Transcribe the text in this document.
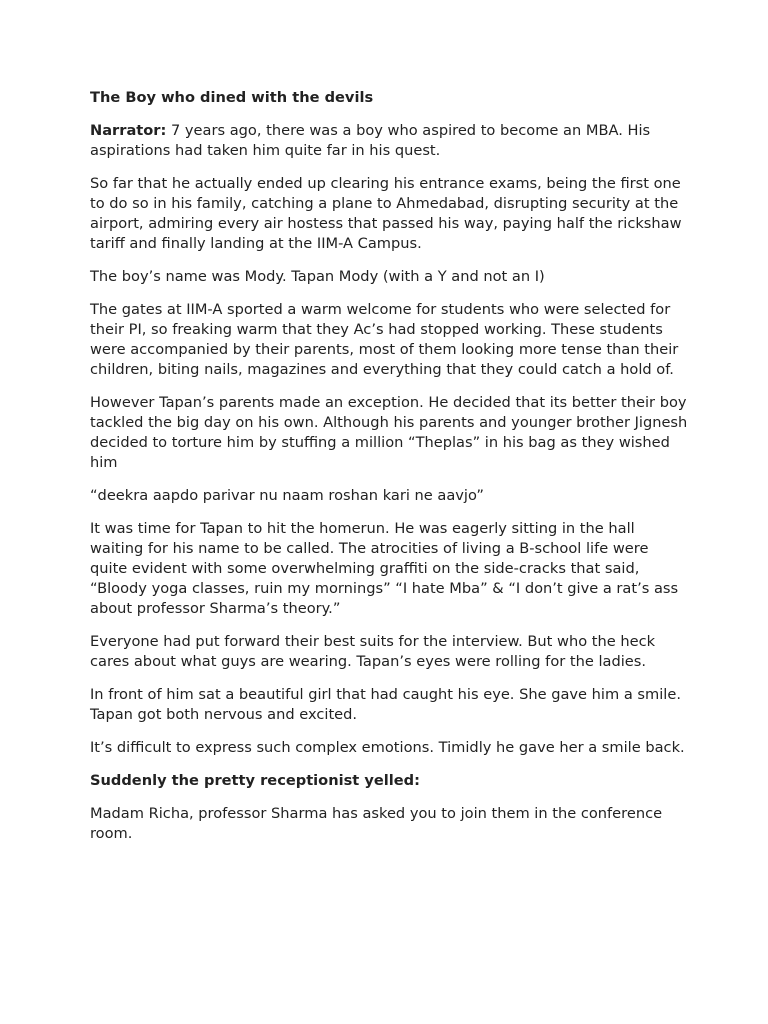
The Boy who dined with the devils

Narrator: 7 years ago, there was a boy who aspired to become an MBA. His aspirations had taken him quite far in his quest.

So far that he actually ended up clearing his entrance exams, being the first one to do so in his family, catching a plane to Ahmedabad, disrupting security at the airport, admiring every air hostess that passed his way, paying half the rickshaw tariff and finally landing at the IIM-A Campus.

The boy’s name was Mody. Tapan Mody (with a Y and not an I)

The gates at IIM-A sported a warm welcome for students who were selected for their PI, so freaking warm that they Ac’s had stopped working. These students were accompanied by their parents, most of them looking more tense than their children, biting nails, magazines and everything that they could catch a hold of.

However Tapan’s parents made an exception. He decided that its better their boy tackled the big day on his own. Although his parents and younger brother Jignesh decided to torture him by stuffing a million “Theplas” in his bag as they wished him

“deekra aapdo parivar nu naam roshan kari ne aavjo”

It was time for Tapan to hit the homerun. He was eagerly sitting in the hall waiting for his name to be called. The atrocities of living a B-school life were quite evident with some overwhelming graffiti on the side-cracks that said, “Bloody yoga classes, ruin my mornings” “I hate Mba” & “I don’t give a rat’s ass about professor Sharma’s theory.”

Everyone had put forward their best suits for the interview. But who the heck cares about what guys are wearing. Tapan’s eyes were rolling for the ladies.

In front of him sat a beautiful girl that had caught his eye. She gave him a smile. Tapan got both nervous and excited.

It’s difficult to express such complex emotions. Timidly he gave her a smile back.

Suddenly the pretty receptionist yelled:

Madam Richa, professor Sharma has asked you to join them in the conference room.
